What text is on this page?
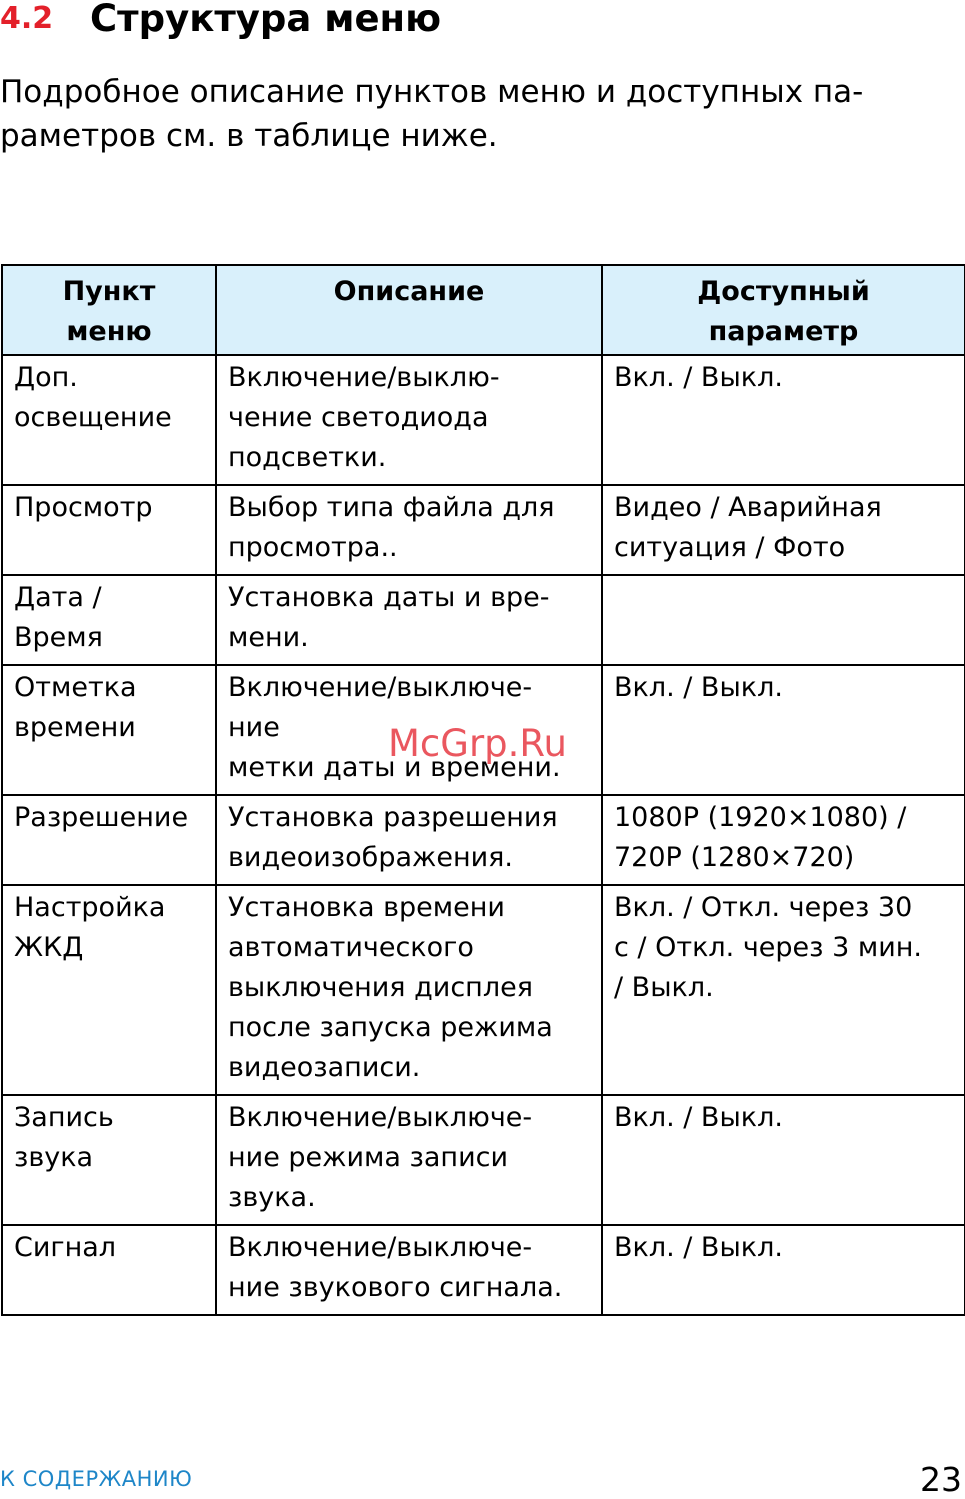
4.2 Структура меню

Подробное описание пунктов меню и доступных па-
раметров см. в таблице ниже.

Пункт
меню	Описание	Доступный
параметр

Доп.
освещение	Включение/выклю-
чение светодиода
подсветки.	Вкл. / Выкл.

Просмотр	Выбор типа файла для
просмотра..	Видео / Аварийная
ситуация / Фото

Дата /
Время	Установка даты и вре-
мени.	

Отметка
времени	Включение/выключе-
ние
метки даты и времени.	Вкл. / Выкл.

Разрешение	Установка разрешения
видеоизображения.	1080P (1920×1080) /
720P (1280×720)

Настройка
ЖКД	Установка времени
автоматического
выключения дисплея
после запуска режима
видеозаписи.	Вкл. / Откл. через 30
с / Откл. через 3 мин.
/ Выкл.

Запись
звука	Включение/выключе-
ние режима записи
звука.	Вкл. / Выкл.

Сигнал	Включение/выключе-
ние звукового сигнала.	Вкл. / Выкл.
McGrp.Ru
К СОДЕРЖАНИЮ	23
